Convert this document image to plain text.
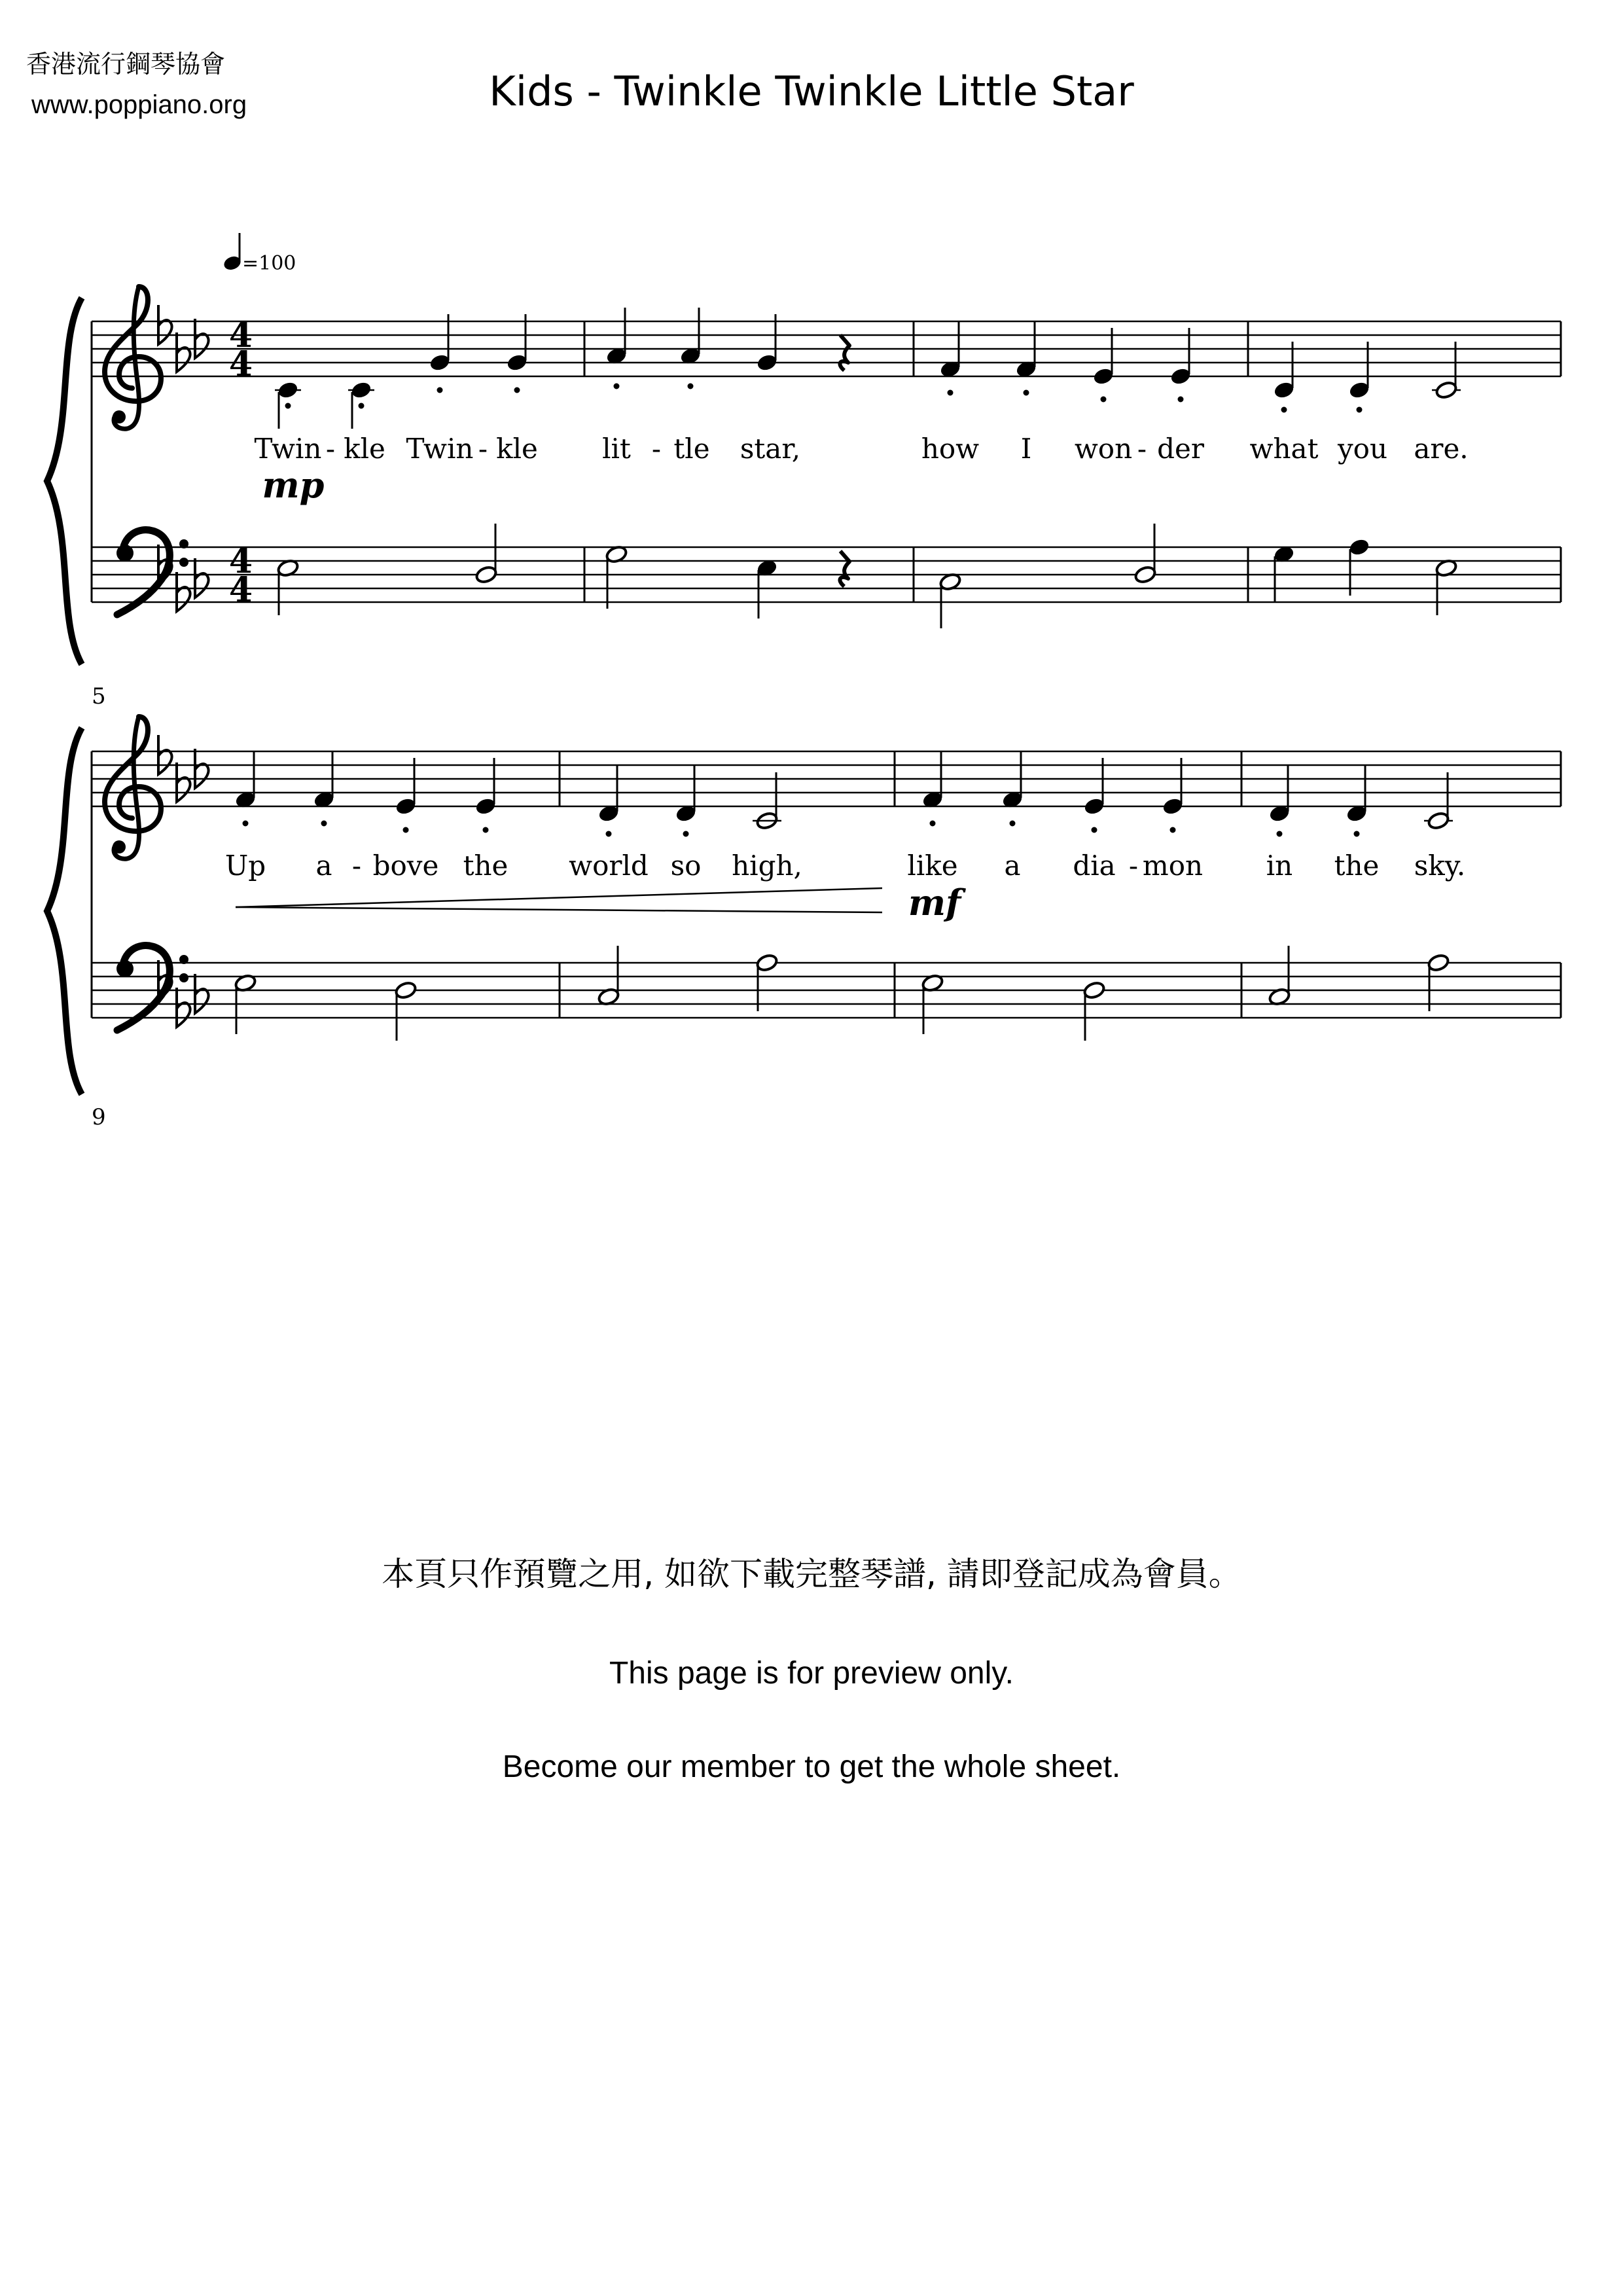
香港流行鋼琴協會
www.poppiano.org	Kids - Twinkle Twinkle Little Star
=100
4
4
4
4
Twin - kle Twin - kle lit - tle star,	how I won - der what you are.
mp
5
Up a - bove the world so high,	like a dia - mon in the sky.
mf
9
本頁只作預覽之用, 如欲下載完整琴譜, 請即登記成為會員。
This page is for preview only.
Become our member to get the whole sheet.
